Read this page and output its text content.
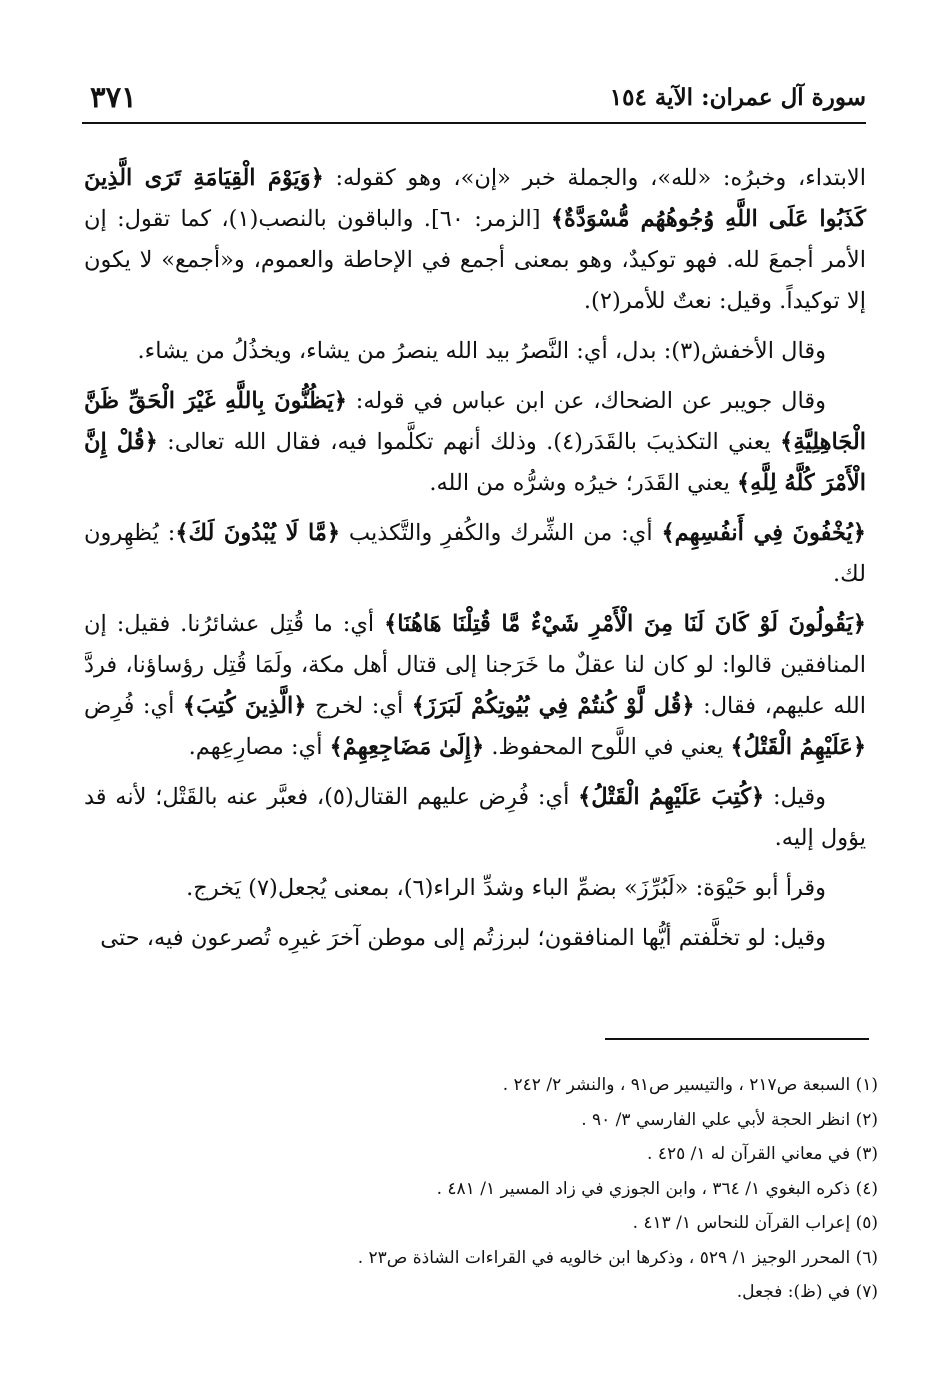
سورة آل عمران: الآية ١٥٤
٣٧١

الابتداء، وخبرُه: «لله»، والجملة خبر «إن»، وهو كقوله: ﴿وَيَوْمَ الْقِيَامَةِ تَرَى الَّذِينَ كَذَبُوا عَلَى اللَّهِ وُجُوهُهُم مُّسْوَدَّةٌ﴾ [الزمر: ٦٠]. والباقون بالنصب(١)، كما تقول: إن الأمر أجمعَ لله. فهو توكيدٌ، وهو بمعنى أجمع في الإحاطة والعموم، و«أجمع» لا يكون إلا توكيداً. وقيل: نعتٌ للأمر(٢).

وقال الأخفش(٣): بدل، أي: النَّصرُ بيد الله ينصرُ من يشاء، ويخذُلُ من يشاء.

وقال جويبر عن الضحاك، عن ابن عباس في قوله: ﴿يَظُنُّونَ بِاللَّهِ غَيْرَ الْحَقِّ ظَنَّ الْجَاهِلِيَّةِ﴾ يعني التكذيبَ بالقَدَر(٤). وذلك أنهم تكلَّموا فيه، فقال الله تعالى: ﴿قُلْ إِنَّ الْأَمْرَ كُلَّهُ لِلَّهِ﴾ يعني القَدَر؛ خيرُه وشرُّه من الله.

﴿يُخْفُونَ فِي أَنفُسِهِم﴾ أي: من الشِّرك والكُفرِ والتَّكذيب ﴿مَّا لَا يُبْدُونَ لَكَ﴾: يُظهِرون لك.

﴿يَقُولُونَ لَوْ كَانَ لَنَا مِنَ الْأَمْرِ شَيْءٌ مَّا قُتِلْنَا هَاهُنَا﴾ أي: ما قُتِل عشائرُنا. فقيل: إن المنافقين قالوا: لو كان لنا عقلٌ ما خَرَجنا إلى قتال أهل مكة، ولَمَا قُتِل رؤساؤنا، فردَّ الله عليهم، فقال: ﴿قُل لَّوْ كُنتُمْ فِي بُيُوتِكُمْ لَبَرَزَ﴾ أي: لخرج ﴿الَّذِينَ كُتِبَ﴾ أي: فُرِض ﴿عَلَيْهِمُ الْقَتْلُ﴾ يعني في اللَّوح المحفوظ. ﴿إِلَىٰ مَضَاجِعِهِمْ﴾ أي: مصارِعِهم.

وقيل: ﴿كُتِبَ عَلَيْهِمُ الْقَتْلُ﴾ أي: فُرِض عليهم القتال(٥)، فعبَّر عنه بالقَتْل؛ لأنه قد يؤول إليه.

وقرأ أبو حَيْوَة: «لَبُرِّزَ» بضمِّ الباء وشدِّ الراء(٦)، بمعنى يُجعل(٧) يَخرج.

وقيل: لو تخلَّفتم أيُّها المنافقون؛ لبرزتُم إلى موطن آخرَ غيرِه تُصرعون فيه، حتى

(١) السبعة ص٢١٧ ، والتيسير ص٩١ ، والنشر ٢/ ٢٤٢ .
(٢) انظر الحجة لأبي علي الفارسي ٣/ ٩٠ .
(٣) في معاني القرآن له ١/ ٤٢٥ .
(٤) ذكره البغوي ١/ ٣٦٤ ، وابن الجوزي في زاد المسير ١/ ٤٨١ .
(٥) إعراب القرآن للنحاس ١/ ٤١٣ .
(٦) المحرر الوجيز ١/ ٥٢٩ ، وذكرها ابن خالويه في القراءات الشاذة ص٢٣ .
(٧) في (ظ): فجعل.
